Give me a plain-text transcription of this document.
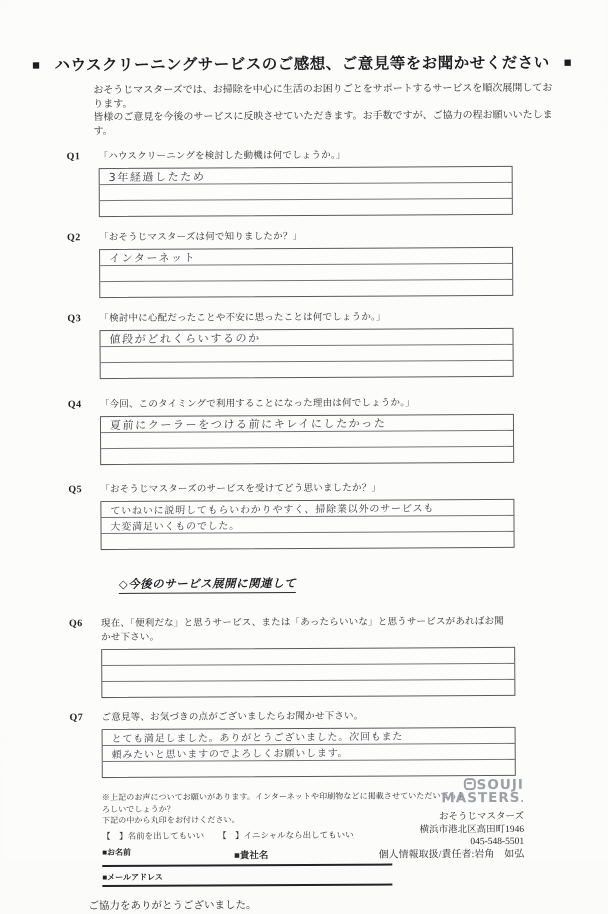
■ ハウスクリーニングサービスのご感想、ご意見等をお聞かせください ■

おそうじマスターズでは、お掃除を中心に生活のお困りごとをサポートするサービスを順次展開しております。
皆様のご意見を今後のサービスに反映させていただきます。お手数ですが、ご協力の程お願いいたします。

Q1	「ハウスクリーニングを検討した動機は何でしょうか。」
3年経過したため
Q2	「おそうじマスターズは何で知りましたか？」
インターネット
Q3	「検討中に心配だったことや不安に思ったことは何でしょうか。」
値段がどれくらいするのか
Q4	「今回、このタイミングで利用することになった理由は何でしょうか。」
夏前にクーラーをつける前にキレイにしたかった
Q5	「おそうじマスターズのサービスを受けてどう思いましたか？」
ていねいに説明してもらいわかりやすく、掃除業以外のサービスも
大変満足いくものでした。
◇今後のサービス展開に関連して
Q6	現在、「便利だな」と思うサービス、または「あったらいいな」と思うサービスがあればお聞かせ下さい。
Q7	ご意見等、お気づきの点がございましたらお聞かせ下さい。
とても満足しました。ありがとうございました。次回もまた
頼みたいと思いますのでよろしくお願いします。
※上記のお声についてお願いがあります。インターネットや印刷物などに掲載させていただいてもよろしいでしょうか？
下記の中から丸印をお付けください。
【　】名前を出してもいい 【　】イニシャルなら出してもいい
■お名前	■貴社名
■メールアドレス
ご協力をありがとうございました。
SOUJI
MASTERS.
おそうじマスターズ
横浜市港北区高田町1946
045-548-5501
個人情報取扱/責任者:岩角　如弘
